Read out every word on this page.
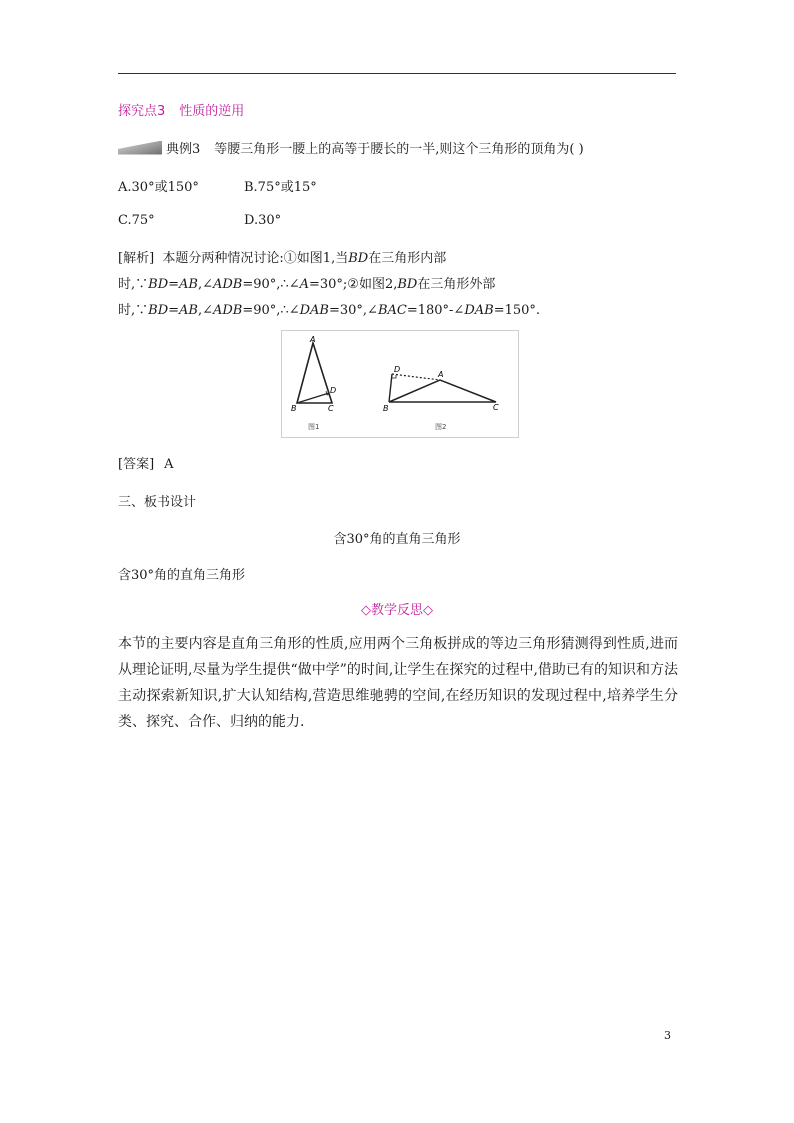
探究点3 性质的逆用
典例3 等腰三角形一腰上的高等于腰长的一半,则这个三角形的顶角为( )
A.30°或150°	B.75°或15°
C.75°	D.30°
[解析] 本题分两种情况讨论:①如图1,当BD在三角形内部时,∵BD=AB,∠ADB=90°,∴∠A=30°;②如图2,BD在三角形外部时,∵BD=AB,∠ADB=90°,∴∠DAB=30°,∠BAC=180°-∠DAB=150°.
A
B	C
D
图1
A
B	C
D
图2
[答案] A
三、板书设计
含30°角的直角三角形
含30°角的直角三角形
◇教学反思◇
本节的主要内容是直角三角形的性质,应用两个三角板拼成的等边三角形猜测得到性质,进而从理论证明,尽量为学生提供“做中学”的时间,让学生在探究的过程中,借助已有的知识和方法主动探索新知识,扩大认知结构,营造思维驰骋的空间,在经历知识的发现过程中,培养学生分类、探究、合作、归纳的能力.
3
